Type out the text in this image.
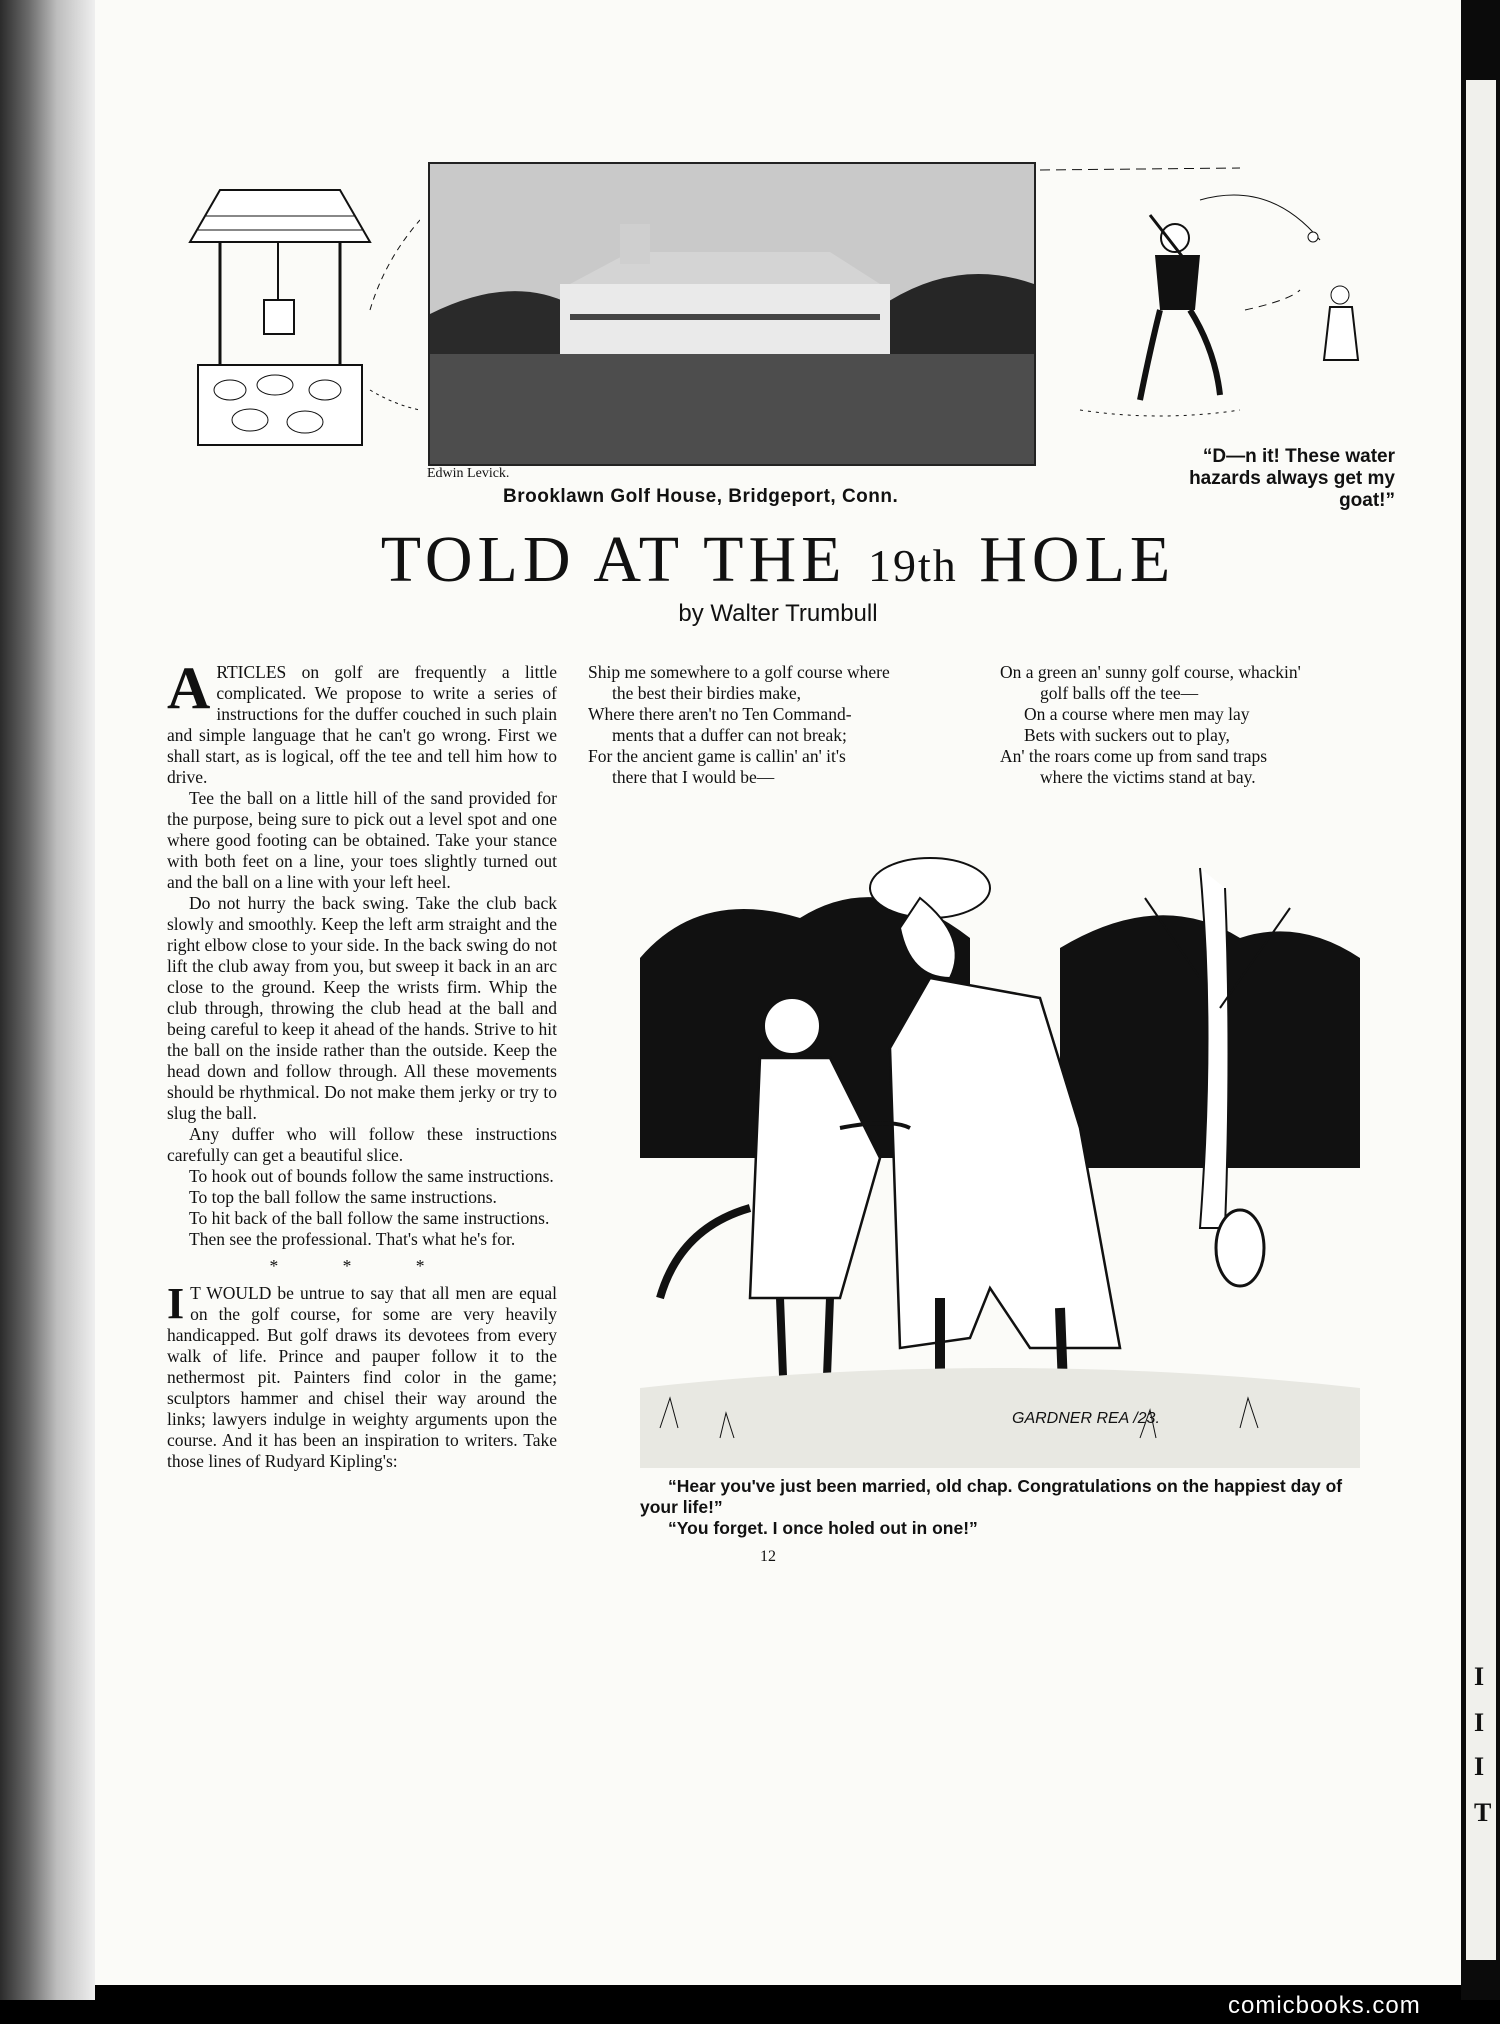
I
I
I
T
Edwin Levick.
Brooklawn Golf House, Bridgeport, Conn.
“D—n it! These water hazards always get my goat!”
TOLD AT THE 19th HOLE
by Walter Trumbull

ARTICLES on golf are frequently a little complicated. We propose to write a series of instructions for the duffer couched in such plain and simple language that he can't go wrong. First we shall start, as is logical, off the tee and tell him how to drive.

Tee the ball on a little hill of the sand provided for the purpose, being sure to pick out a level spot and one where good footing can be obtained. Take your stance with both feet on a line, your toes slightly turned out and the ball on a line with your left heel.

Do not hurry the back swing. Take the club back slowly and smoothly. Keep the left arm straight and the right elbow close to your side. In the back swing do not lift the club away from you, but sweep it back in an arc close to the ground. Keep the wrists firm. Whip the club through, throwing the club head at the ball and being careful to keep it ahead of the hands. Strive to hit the ball on the inside rather than the outside. Keep the head down and follow through. All these movements should be rhythmical. Do not make them jerky or try to slug the ball.

Any duffer who will follow these instructions carefully can get a beautiful slice.

To hook out of bounds follow the same instructions.

To top the ball follow the same instructions.

To hit back of the ball follow the same instructions.

Then see the professional. That's what he's for.

* * *

I T WOULD be untrue to say that all men are equal on the golf course, for some are very heavily handicapped. But golf draws its devotees from every walk of life. Prince and pauper follow it to the nethermost pit. Painters find color in the game; sculptors hammer and chisel their way around the links; lawyers indulge in weighty arguments upon the course. And it has been an inspiration to writers. Take those lines of Rudyard Kipling's:

Ship me somewhere to a golf course where
the best their birdies make,
Where there aren't no Ten Command-
ments that a duffer can not break;
For the ancient game is callin' an' it's
there that I would be—
On a green an' sunny golf course, whackin'
golf balls off the tee—
On a course where men may lay
Bets with suckers out to play,
An' the roars come up from sand traps
where the victims stand at bay.
GARDNER REA /23.
“Hear you've just been married, old chap. Congratulations on the happiest day of your life!”
“You forget. I once holed out in one!”
12
comicbooks.com
